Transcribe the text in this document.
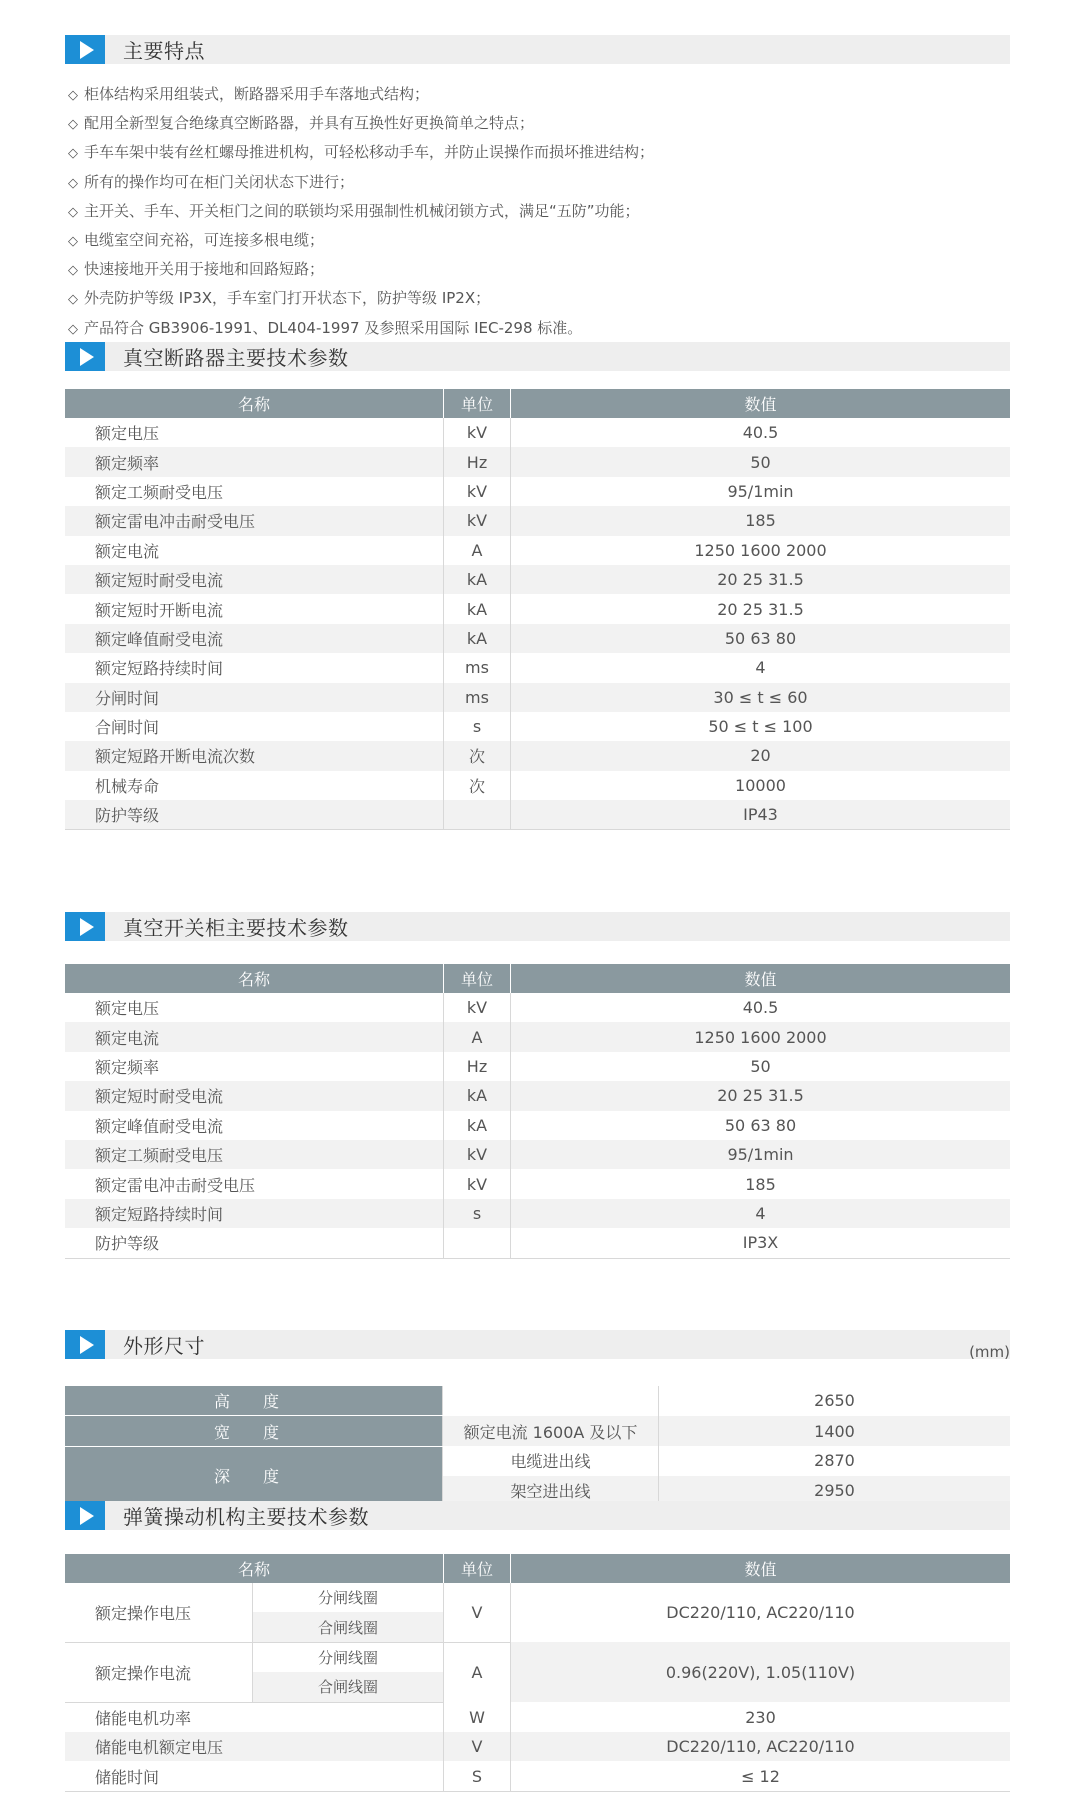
主要特点
◇ 柜体结构采用组装式，断路器采用手车落地式结构；
◇ 配用全新型复合绝缘真空断路器，并具有互换性好更换简单之特点；
◇ 手车车架中装有丝杠螺母推进机构，可轻松移动手车，并防止误操作而损坏推进结构；
◇ 所有的操作均可在柜门关闭状态下进行；
◇ 主开关、手车、开关柜门之间的联锁均采用强制性机械闭锁方式，满足“五防”功能；
◇ 电缆室空间充裕，可连接多根电缆；
◇ 快速接地开关用于接地和回路短路；
◇ 外壳防护等级 IP3X，手车室门打开状态下，防护等级 IP2X；
◇ 产品符合 GB3906-1991、DL404-1997 及参照采用国际 IEC-298 标准。
真空断路器主要技术参数
名称	单位	数值
额定电压	kV	40.5
额定频率	Hz	50
额定工频耐受电压	kV	95/1min
额定雷电冲击耐受电压	kV	185
额定电流	A	1250 1600 2000
额定短时耐受电流	kA	20 25 31.5
额定短时开断电流	kA	20 25 31.5
额定峰值耐受电流	kA	50 63 80
额定短路持续时间	ms	4
分闸时间	ms	30 ≤ t ≤ 60
合闸时间	s	50 ≤ t ≤ 100
额定短路开断电流次数	次	20
机械寿命	次	10000
防护等级		IP43
真空开关柜主要技术参数
名称	单位	数值
额定电压	kV	40.5
额定电流	A	1250 1600 2000
额定频率	Hz	50
额定短时耐受电流	kA	20 25 31.5
额定峰值耐受电流	kA	50 63 80
额定工频耐受电压	kV	95/1min
额定雷电冲击耐受电压	kV	185
额定短路持续时间	s	4
防护等级		IP3X
外形尺寸	(mm)
高 度		2650
宽 度	额定电流 1600A 及以下	1400
深 度	电缆进出线	2870
	架空进出线	2950
弹簧操动机构主要技术参数
名称		单位	数值
额定操作电压	分闸线圈	V	DC220/110, AC220/110
	合闸线圈		
额定操作电流	分闸线圈	A	0.96(220V), 1.05(110V)
	合闸线圈		
储能电机功率		W	230
储能电机额定电压		V	DC220/110, AC220/110
储能时间		S	≤ 12
